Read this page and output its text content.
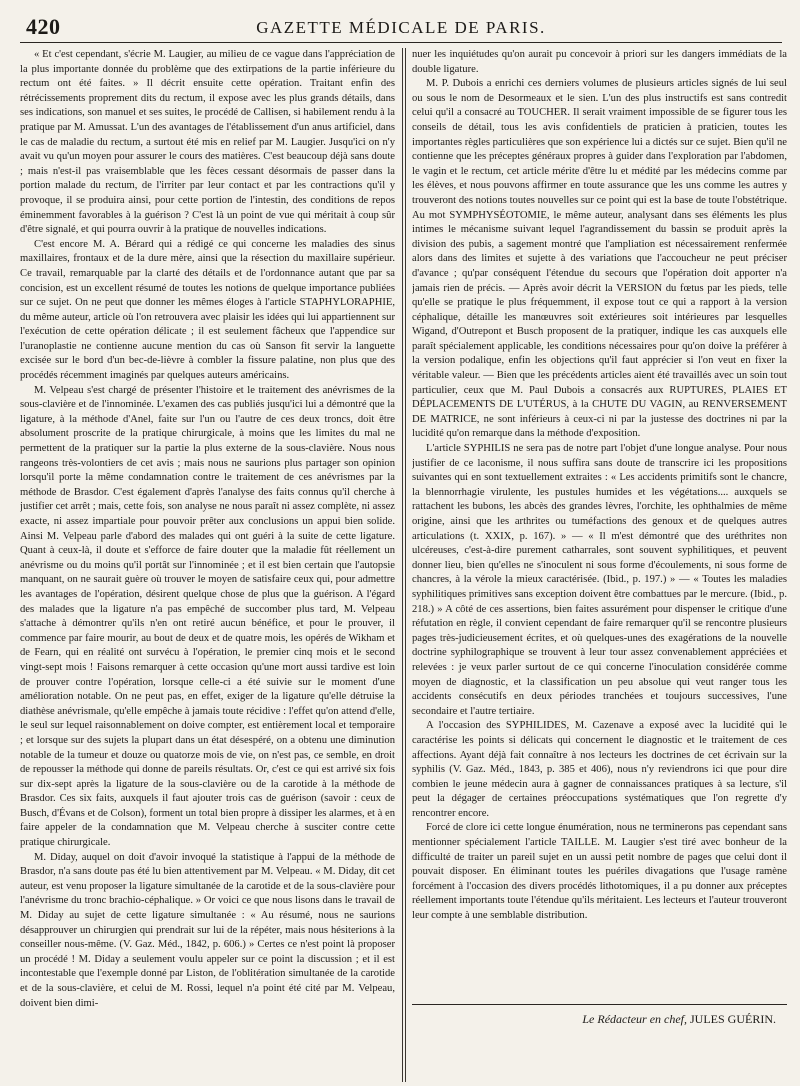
420	GAZETTE MÉDICALE DE PARIS.

« Et c'est cependant, s'écrie M. Laugier, au milieu de ce vague dans l'appréciation de la plus importante donnée du problème que des extirpations de la partie inférieure du rectum ont été faites. » Il décrit ensuite cette opération. Traitant enfin des rétrécissements proprement dits du rectum, il expose avec les plus grands détails, dans ses indications, son manuel et ses suites, le procédé de Callisen, si habilement rendu à la pratique par M. Amussat. L'un des avantages de l'établissement d'un anus artificiel, dans le cas de maladie du rectum, a surtout été mis en relief par M. Laugier. Jusqu'ici on n'y avait vu qu'un moyen pour assurer le cours des matières. C'est beaucoup déjà sans doute ; mais n'est-il pas vraisemblable que les fèces cessant désormais de passer dans la portion malade du rectum, de l'irriter par leur contact et par les contractions qu'il y provoque, il se produira ainsi, pour cette portion de l'intestin, des conditions de repos éminemment favorables à la guérison ? C'est là un point de vue qui méritait à coup sûr d'être signalé, et qui pourra ouvrir à la pratique de nouvelles indications.

C'est encore M. A. Bérard qui a rédigé ce qui concerne les maladies des sinus maxillaires, frontaux et de la dure mère, ainsi que la résection du maxillaire supérieur. Ce travail, remarquable par la clarté des détails et de l'ordonnance autant que par sa concision, est un excellent résumé de toutes les notions de quelque importance publiées sur ce sujet. On ne peut que donner les mêmes éloges à l'article STAPHYLORAPHIE, du même auteur, article où l'on retrouvera avec plaisir les idées qui lui appartiennent sur l'exécution de cette opération délicate ; il est seulement fâcheux que l'appendice sur l'uranoplastie ne contienne aucune mention du cas où Sanson fit servir la languette excisée sur le bord d'un bec-de-lièvre à combler la fissure palatine, non plus que des procédés récemment imaginés par quelques auteurs américains.

M. Velpeau s'est chargé de présenter l'histoire et le traitement des anévrismes de la sous-clavière et de l'innominée. L'examen des cas publiés jusqu'ici lui a démontré que la ligature, à la méthode d'Anel, faite sur l'un ou l'autre de ces deux troncs, doit être absolument proscrite de la pratique chirurgicale, à moins que les limites du mal ne permettent de la pratiquer sur la partie la plus externe de la sous-clavière. Nous nous rangeons très-volontiers de cet avis ; mais nous ne saurions plus partager son opinion lorsqu'il porte la même condamnation contre le traitement de ces anévrismes par la méthode de Brasdor. C'est également d'après l'analyse des faits connus qu'il cherche à justifier cet arrêt ; mais, cette fois, son analyse ne nous paraît ni assez complète, ni assez exacte, ni assez impartiale pour pouvoir prêter aux conclusions un appui bien solide. Ainsi M. Velpeau parle d'abord des malades qui ont guéri à la suite de cette ligature. Quant à ceux-là, il doute et s'efforce de faire douter que la maladie fût réellement un anévrisme ou du moins qu'il portât sur l'innominée ; et il est bien certain que l'autopsie manquant, on ne saurait guère où trouver le moyen de satisfaire ceux qui, pour admettre les avantages de l'opération, désirent quelque chose de plus que la guérison. A l'égard des malades que la ligature n'a pas empêché de succomber plus tard, M. Velpeau s'attache à démontrer qu'ils n'en ont retiré aucun bénéfice, et pour le prouver, il commence par faire mourir, au bout de deux et de quatre mois, les opérés de Wikham et de Fearn, qui en réalité ont survécu à l'opération, le premier cinq mois et le second vingt-sept mois ! Faisons remarquer à cette occasion qu'une mort aussi tardive est loin de prouver contre l'opération, lorsque celle-ci a été suivie sur le moment d'une amélioration notable. On ne peut pas, en effet, exiger de la ligature qu'elle détruise la diathèse anévrismale, qu'elle empêche à jamais toute récidive : l'effet qu'on attend d'elle, le seul sur lequel raisonnablement on doive compter, est entièrement local et temporaire ; et lorsque sur des sujets la plupart dans un état désespéré, on a obtenu une diminution notable de la tumeur et douze ou quatorze mois de vie, on n'est pas, ce semble, en droit de repousser la méthode qui donne de pareils résultats. Or, c'est ce qui est arrivé six fois sur dix-sept après la ligature de la sous-clavière ou de la carotide à la méthode de Brasdor. Ces six faits, auxquels il faut ajouter trois cas de guérison (savoir : ceux de Busch, d'Évans et de Colson), forment un total bien propre à dissiper les alarmes, et à en faire appeler de la condamnation que M. Velpeau cherche à susciter contre cette pratique chirurgicale.

M. Diday, auquel on doit d'avoir invoqué la statistique à l'appui de la méthode de Brasdor, n'a sans doute pas été lu bien attentivement par M. Velpeau. « M. Diday, dit cet auteur, est venu proposer la ligature simultanée de la carotide et de la sous-clavière pour l'anévrisme du tronc brachio-céphalique. » Or voici ce que nous lisons dans le travail de M. Diday au sujet de cette ligature simultanée : « Au résumé, nous ne saurions désapprouver un chirurgien qui prendrait sur lui de la répéter, mais nous hésiterions à la conseiller nous-même. (V. Gaz. Méd., 1842, p. 606.) » Certes ce n'est point là proposer un procédé ! M. Diday a seulement voulu appeler sur ce point la discussion ; et il est incontestable que l'exemple donné par Liston, de l'oblitération simultanée de la carotide et de la sous-clavière, et celui de M. Rossi, lequel n'a point été cité par M. Velpeau, doivent bien dimi-

nuer les inquiétudes qu'on aurait pu concevoir à priori sur les dangers immédiats de la double ligature.

M. P. Dubois a enrichi ces derniers volumes de plusieurs articles signés de lui seul ou sous le nom de Desormeaux et le sien. L'un des plus instructifs est sans contredit celui qu'il a consacré au TOUCHER. Il serait vraiment impossible de se figurer tous les conseils de détail, tous les avis confidentiels de praticien à praticien, toutes les importantes règles particulières que son expérience lui a dictés sur ce sujet. Bien qu'il ne contienne que les préceptes généraux propres à guider dans l'exploration par l'abdomen, le vagin et le rectum, cet article mérite d'être lu et médité par les médecins comme par les élèves, et nous pouvons affirmer en toute assurance que les uns comme les autres y trouveront des notions toutes nouvelles sur ce point qui est la base de toute l'obstétrique. Au mot SYMPHYSÉOTOMIE, le même auteur, analysant dans ses éléments les plus intimes le mécanisme suivant lequel l'agrandissement du bassin se produit après la division des pubis, a sagement montré que l'ampliation est nécessairement renfermée alors dans des limites et sujette à des variations que l'accoucheur ne peut préciser d'avance ; qu'par conséquent l'étendue du secours que l'opération doit apporter n'a jamais rien de précis. — Après avoir décrit la VERSION du fœtus par les pieds, telle qu'elle se pratique le plus fréquemment, il expose tout ce qui a rapport à la version céphalique, détaille les manœuvres soit extérieures soit intérieures par lesquelles Wigand, d'Outrepont et Busch proposent de la pratiquer, indique les cas auxquels elle paraît spécialement applicable, les conditions nécessaires pour qu'on doive la préférer à la version podalique, enfin les objections qu'il faut apprécier si l'on veut en fixer la véritable valeur. — Bien que les précédents articles aient été travaillés avec un soin tout particulier, ceux que M. Paul Dubois a consacrés aux RUPTURES, PLAIES ET DÉPLACEMENTS DE L'UTÉRUS, à la CHUTE DU VAGIN, au RENVERSEMENT DE MATRICE, ne sont inférieurs à ceux-ci ni par la justesse des doctrines ni par la lucidité qu'on remarque dans la méthode d'exposition.

L'article SYPHILIS ne sera pas de notre part l'objet d'une longue analyse. Pour nous justifier de ce laconisme, il nous suffira sans doute de transcrire ici les propositions suivantes qui en sont textuellement extraites : « Les accidents primitifs sont le chancre, la blennorrhagie virulente, les pustules humides et les végétations.... auxquels se rattachent les bubons, les abcès des grandes lèvres, l'orchite, les ophthalmies de même origine, ainsi que les arthrites ou tuméfactions des genoux et de quelques autres articulations (t. XXIX, p. 167). » — « Il m'est démontré que des uréthrites non ulcéreuses, c'est-à-dire purement catharrales, sont souvent syphilitiques, et peuvent donner lieu, bien qu'elles ne s'inoculent ni sous forme d'écoulements, ni sous forme de chancres, à la vérole la mieux caractérisée. (Ibid., p. 197.) » — « Toutes les maladies syphilitiques primitives sans exception doivent être combattues par le mercure. (Ibid., p. 218.) » A côté de ces assertions, bien faites assurément pour dispenser le critique d'une réfutation en règle, il convient cependant de faire remarquer qu'il se rencontre plusieurs pages très-judicieusement écrites, et où quelques-unes des exagérations de la nouvelle doctrine syphilographique se trouvent à leur tour assez convenablement appréciées et relevées : je veux parler surtout de ce qui concerne l'inoculation considérée comme moyen de diagnostic, et la classification un peu absolue qui veut ranger tous les accidents consécutifs en deux périodes tranchées et toujours successives, l'une secondaire et l'autre tertiaire.

A l'occasion des SYPHILIDES, M. Cazenave a exposé avec la lucidité qui le caractérise les points si délicats qui concernent le diagnostic et le traitement de ces affections. Ayant déjà fait connaître à nos lecteurs les doctrines de cet écrivain sur la syphilis (V. Gaz. Méd., 1843, p. 385 et 406), nous n'y reviendrons ici que pour dire combien le jeune médecin aura à gagner de connaissances pratiques à sa lecture, s'il peut la dégager de certaines préoccupations systématiques que l'on regrette d'y rencontrer encore.

Forcé de clore ici cette longue énumération, nous ne terminerons pas cependant sans mentionner spécialement l'article TAILLE. M. Laugier s'est tiré avec bonheur de la difficulté de traiter un pareil sujet en un aussi petit nombre de pages que celui dont il pouvait disposer. En éliminant toutes les puériles divagations que l'usage ramène forcément à l'occasion des divers procédés lithotomiques, il a pu donner aux préceptes réellement importants toute l'étendue qu'ils méritaient. Les lecteurs et l'auteur trouveront leur compte à une semblable distribution.

Le Rédacteur en chef, JULES GUÉRIN.
